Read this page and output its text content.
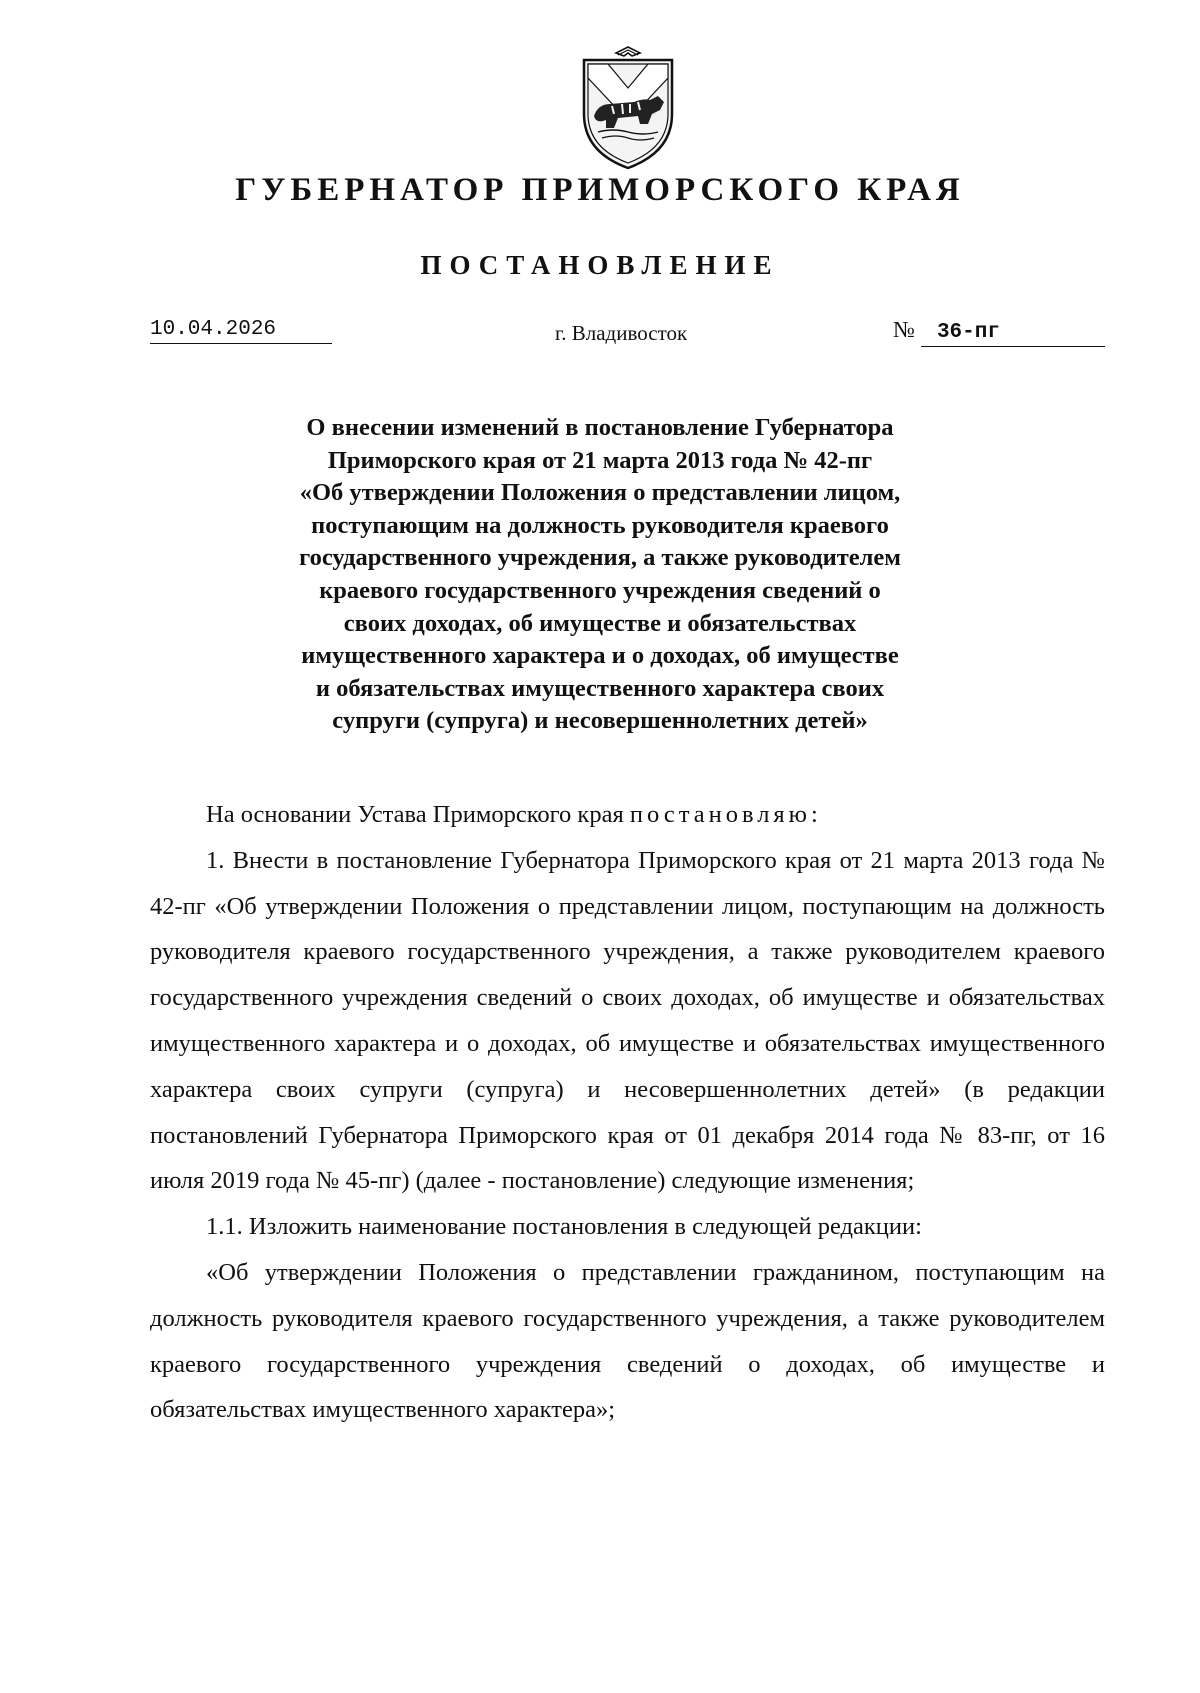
ГУБЕРНАТОР ПРИМОРСКОГО КРАЯ
ПОСТАНОВЛЕНИЕ
10.04.2026	г. Владивосток	№	36-пг
О внесении изменений в постановление Губернатора
Приморского края от 21 марта 2013 года № 42-пг
«Об утверждении Положения о представлении лицом,
поступающим на должность руководителя краевого
государственного учреждения, а также руководителем
краевого государственного учреждения сведений о
своих доходах, об имуществе и обязательствах
имущественного характера и о доходах, об имуществе
и обязательствах имущественного характера своих
супруги (супруга) и несовершеннолетних детей»

На основании Устава Приморского края постановляю:

1. Внести в постановление Губернатора Приморского края от 21 марта 2013 года № 42-пг «Об утверждении Положения о представлении лицом, поступающим на должность руководителя краевого государственного учреждения, а также руководителем краевого государственного учреждения сведений о своих доходах, об имуществе и обязательствах имущественного характера и о доходах, об имуществе и обязательствах имущественного характера своих супруги (супруга) и несовершеннолетних детей» (в редакции постановлений Губернатора Приморского края от 01 декабря 2014 года № 83-пг, от 16 июля 2019 года № 45-пг) (далее - постановление) следующие изменения;

1.1. Изложить наименование постановления в следующей редакции:

«Об утверждении Положения о представлении гражданином, поступающим на должность руководителя краевого государственного учреждения, а также руководителем краевого государственного учреждения сведений о доходах, об имуществе и обязательствах имущественного характера»;
